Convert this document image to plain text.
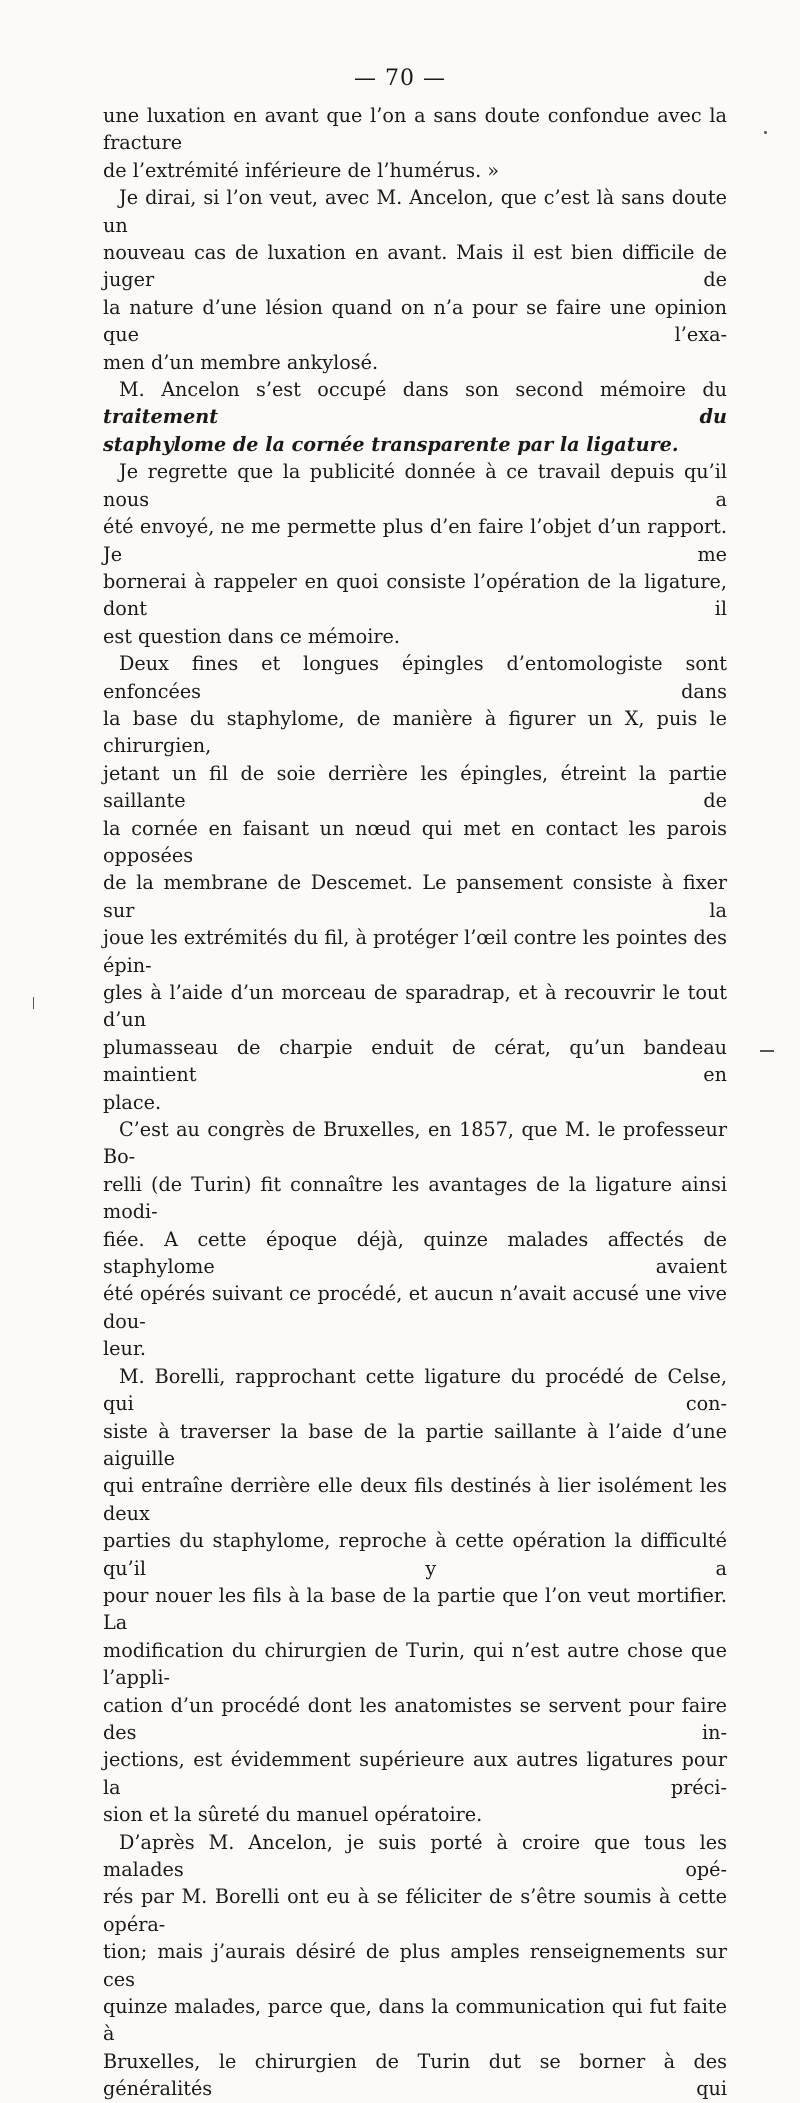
— 70 —

une luxation en avant que l’on a sans doute confondue avec la fracture

de l’extrémité inférieure de l’humérus. »

Je dirai, si l’on veut, avec M. Ancelon, que c’est là sans doute un

nouveau cas de luxation en avant. Mais il est bien difficile de juger de

la nature d’une lésion quand on n’a pour se faire une opinion que l’exa-

men d’un membre ankylosé.

M. Ancelon s’est occupé dans son second mémoire du traitement du

staphylome de la cornée transparente par la ligature.

Je regrette que la publicité donnée à ce travail depuis qu’il nous a

été envoyé, ne me permette plus d’en faire l’objet d’un rapport. Je me

bornerai à rappeler en quoi consiste l’opération de la ligature, dont il

est question dans ce mémoire.

Deux fines et longues épingles d’entomologiste sont enfoncées dans

la base du staphylome, de manière à figurer un X, puis le chirurgien,

jetant un fil de soie derrière les épingles, étreint la partie saillante de

la cornée en faisant un nœud qui met en contact les parois opposées

de la membrane de Descemet. Le pansement consiste à fixer sur la

joue les extrémités du fil, à protéger l’œil contre les pointes des épin-

gles à l’aide d’un morceau de sparadrap, et à recouvrir le tout d’un

plumasseau de charpie enduit de cérat, qu’un bandeau maintient en

place.

C’est au congrès de Bruxelles, en 1857, que M. le professeur Bo-

relli (de Turin) fit connaître les avantages de la ligature ainsi modi-

fiée. A cette époque déjà, quinze malades affectés de staphylome avaient

été opérés suivant ce procédé, et aucun n’avait accusé une vive dou-

leur.

M. Borelli, rapprochant cette ligature du procédé de Celse, qui con-

siste à traverser la base de la partie saillante à l’aide d’une aiguille

qui entraîne derrière elle deux fils destinés à lier isolément les deux

parties du staphylome, reproche à cette opération la difficulté qu’il y a

pour nouer les fils à la base de la partie que l’on veut mortifier. La

modification du chirurgien de Turin, qui n’est autre chose que l’appli-

cation d’un procédé dont les anatomistes se servent pour faire des in-

jections, est évidemment supérieure aux autres ligatures pour la préci-

sion et la sûreté du manuel opératoire.

D’après M. Ancelon, je suis porté à croire que tous les malades opé-

rés par M. Borelli ont eu à se féliciter de s’être soumis à cette opéra-

tion; mais j’aurais désiré de plus amples renseignements sur ces

quinze malades, parce que, dans la communication qui fut faite à

Bruxelles, le chirurgien de Turin dut se borner à des généralités qui
